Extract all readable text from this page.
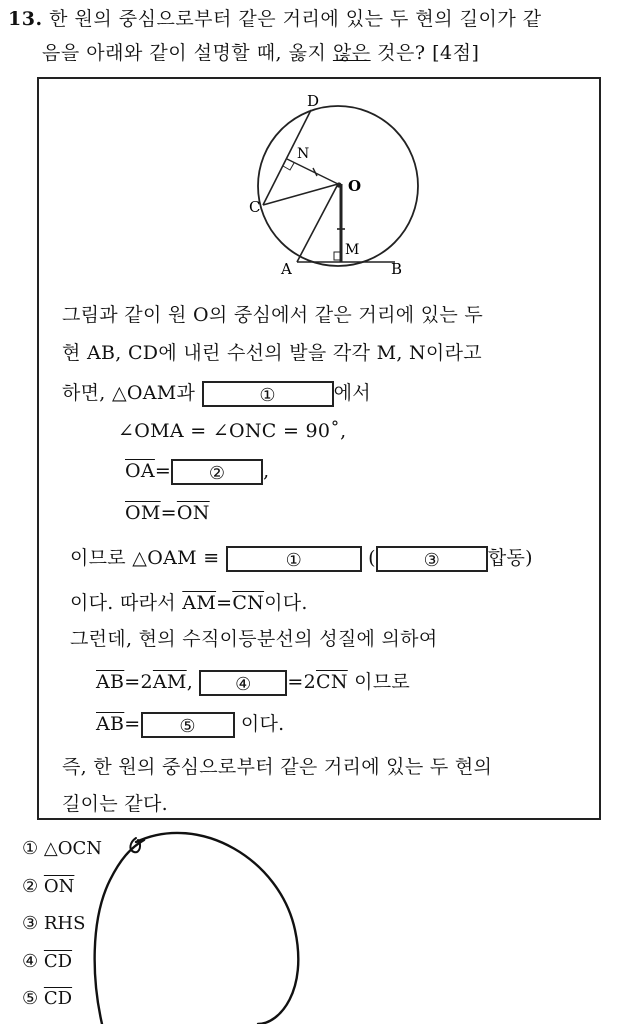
13. 한 원의 중심으로부터 같은 거리에 있는 두 현의 길이가 같
음을 아래와 같이 설명할 때, 옳지 않은 것은? [4점]
D
N
O
C
M
A	B
그림과 같이 원 O의 중심에서 같은 거리에 있는 두
현 AB, CD에 내린 수선의 발을 각각 M, N이라고
하면, △OAM과	①	에서
∠OMA = ∠ONC = 90˚,
$\overline{OA}=$ ② ,
$\overline{OM}=\overline{ON}$
이므로 △OAM ≡	①	(	③	합동)
이다. 따라서 $\overline{AM}=\overline{CN}$이다.
그런데, 현의 수직이등분선의 성질에 의하여
$\overline{AB}=2\overline{AM}$, ④ $=2\overline{CN}$ 이므로
$\overline{AB}=$ ⑤ 이다.
즉, 한 원의 중심으로부터 같은 거리에 있는 두 현의
길이는 같다.
① △OCN
② $\overline{ON}$
③ RHS
④ $\overline{CD}$
⑤ $\overline{CD}$
